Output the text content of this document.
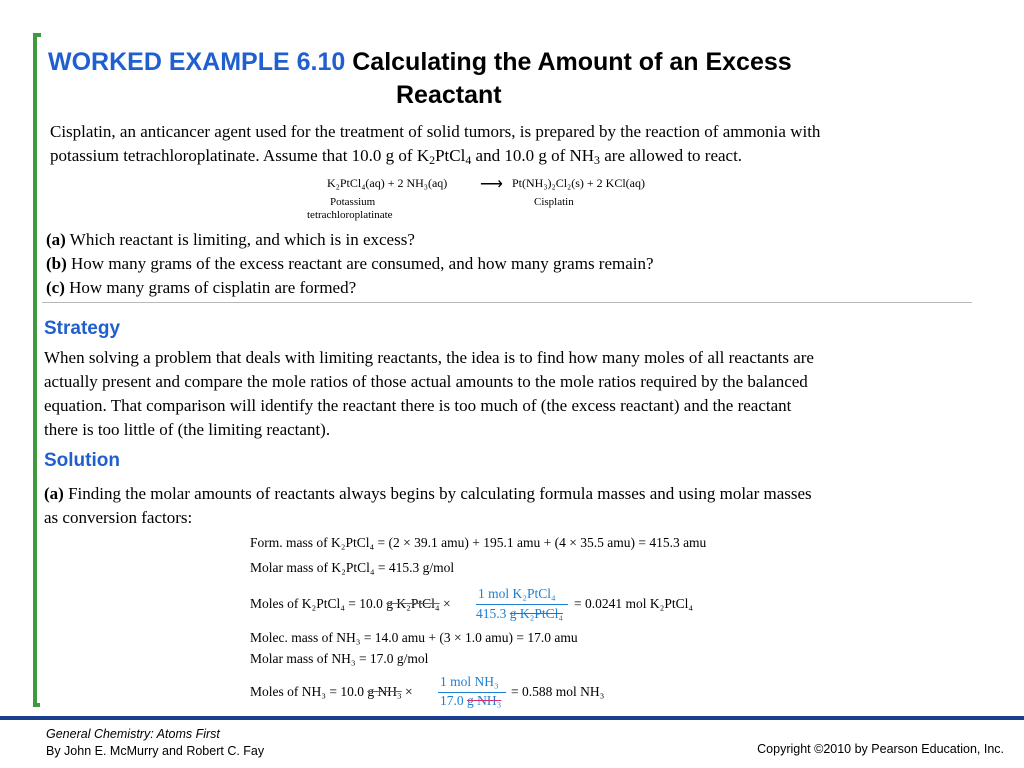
WORKED EXAMPLE 6.10 Calculating the Amount of an Excess
Reactant
Cisplatin, an anticancer agent used for the treatment of solid tumors, is prepared by the reaction of ammonia with
potassium tetrachloroplatinate. Assume that 10.0 g of $K_2PtCl_4$ and 10.0 g of $NH_3$ are allowed to react.
K₂PtCl₄(aq) + 2 NH₃(aq) ⟶ Pt(NH₃)₂Cl₂(s) + 2 KCl(aq)
Potassium
tetrachloroplatinate
Cisplatin
(a) Which reactant is limiting, and which is in excess?
(b) How many grams of the excess reactant are consumed, and how many grams remain?
(c) How many grams of cisplatin are formed?
Strategy
When solving a problem that deals with limiting reactants, the idea is to find how many moles of all reactants are
actually present and compare the mole ratios of those actual amounts to the mole ratios required by the balanced
equation. That comparison will identify the reactant there is too much of (the excess reactant) and the reactant
there is too little of (the limiting reactant).
Solution
(a) Finding the molar amounts of reactants always begins by calculating formula masses and using molar masses
as conversion factors:
Form. mass of K₂PtCl₄ = (2 × 39.1 amu) + 195.1 amu + (4 × 35.5 amu) = 415.3 amu
Molar mass of K₂PtCl₄ = 415.3 g/mol
Moles of K₂PtCl₄ = 10.0 g K₂PtCl₄ ×
1 mol K₂PtCl₄
415.3 g K₂PtCl₄
= 0.0241 mol K₂PtCl₄
Molec. mass of NH₃ = 14.0 amu + (3 × 1.0 amu) = 17.0 amu
Molar mass of NH₃ = 17.0 g/mol
Moles of NH₃ = 10.0 g NH₃ ×
1 mol NH₃
17.0 g NH₃
= 0.588 mol NH₃
General Chemistry: Atoms First
By John E. McMurry and Robert C. Fay	Copyright ©2010 by Pearson Education, Inc.
